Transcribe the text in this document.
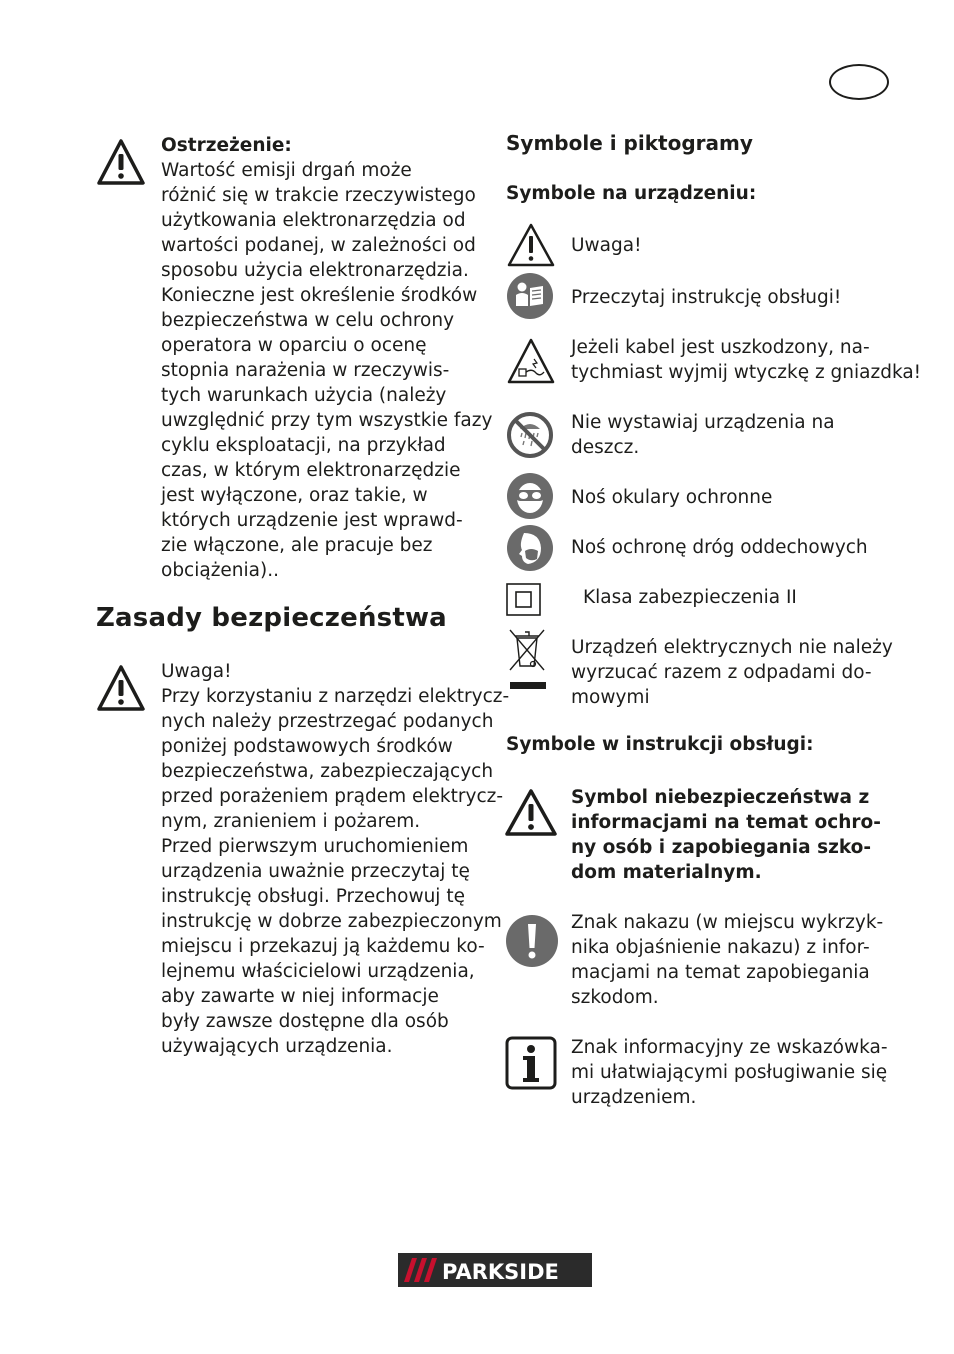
Ostrzeżenie:
Wartość emisji drgań może
różnić się w trakcie rzeczywistego
użytkowania elektronarzędzia od
wartości podanej, w zależności od
sposobu użycia elektronarzędzia.
Konieczne jest określenie środków
bezpieczeństwa w celu ochrony
operatora w oparciu o ocenę
stopnia narażenia w rzeczywis-
tych warunkach użycia (należy
uwzględnić przy tym wszystkie fazy
cyklu eksploatacji, na przykład
czas, w którym elektronarzędzie
jest wyłączone, oraz takie, w
których urządzenie jest wprawd-
zie włączone, ale pracuje bez
obciążenia)..
Zasady bezpieczeństwa
Uwaga!
Przy korzystaniu z narzędzi elektrycz-
nych należy przestrzegać podanych
poniżej podstawowych środków
bezpieczeństwa, zabezpieczających
przed porażeniem prądem elektrycz-
nym, zranieniem i pożarem.
Przed pierwszym uruchomieniem
urządzenia uważnie przeczytaj tę
instrukcję obsługi. Przechowuj tę
instrukcję w dobrze zabezpieczonym
miejscu i przekazuj ją każdemu ko-
lejnemu właścicielowi urządzenia,
aby zawarte w niej informacje
były zawsze dostępne dla osób
używających urządzenia.
Symbole i piktogramy
Symbole na urządzeniu:
Uwaga!
Przeczytaj instrukcję obsługi!
Jeżeli kabel jest uszkodzony, na-
tychmiast wyjmij wtyczkę z gniazdka!
Nie wystawiaj urządzenia na
deszcz.
Noś okulary ochronne
Noś ochronę dróg oddechowych
Klasa zabezpieczenia II
Urządzeń elektrycznych nie należy
wyrzucać razem z odpadami do-
mowymi
Symbole w instrukcji obsługi:
Symbol niebezpieczeństwa z
informacjami na temat ochro-
ny osób i zapobiegania szko-
dom materialnym.
Znak nakazu (w miejscu wykrzyk-
nika objaśnienie nakazu) z infor-
macjami na temat zapobiegania
szkodom.
Znak informacyjny ze wskazówka-
mi ułatwiającymi posługiwanie się
urządzeniem.
PARKSIDE
